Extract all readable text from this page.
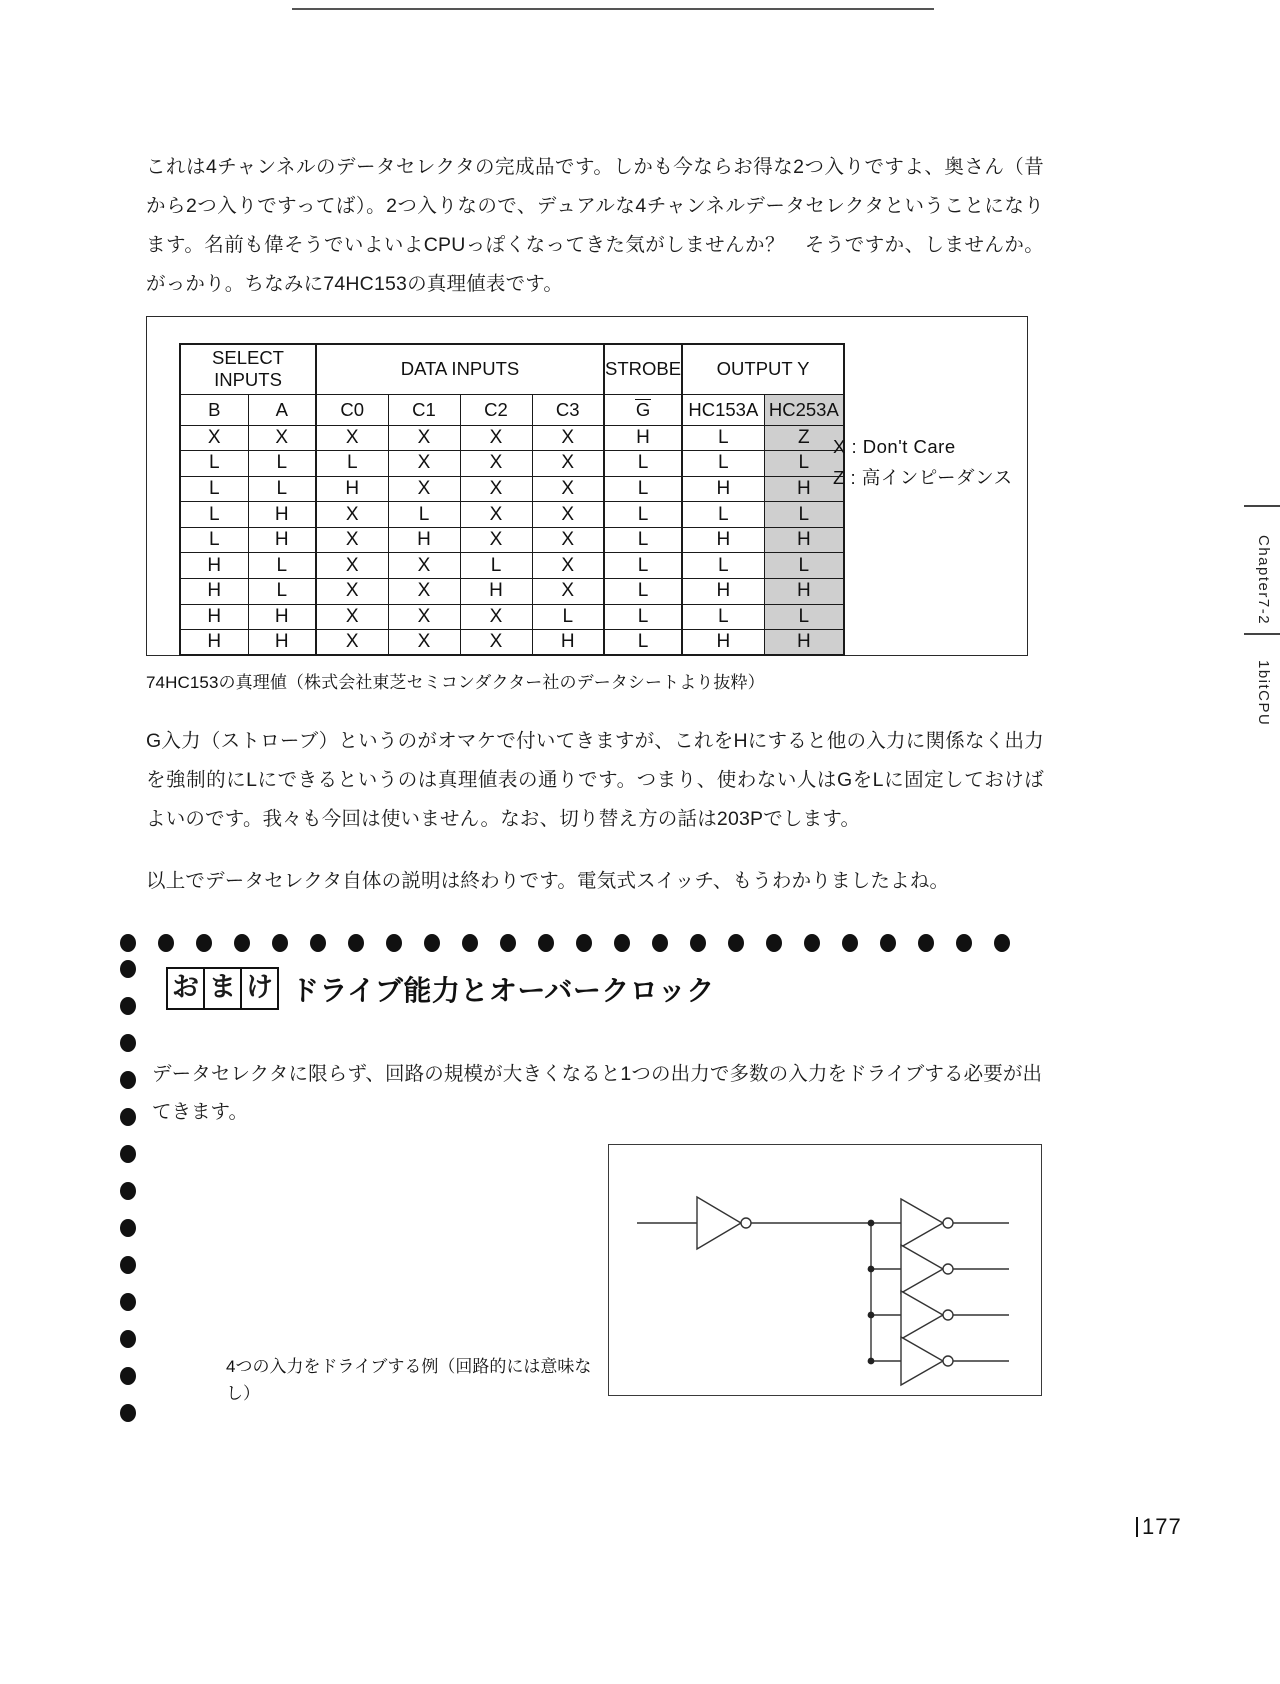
これは4チャンネルのデータセレクタの完成品です。しかも今ならお得な2つ入りですよ、奥さん（昔から2つ入りですってば）。2つ入りなので、デュアルな4チャンネルデータセレクタということになります。名前も偉そうでいよいよCPUっぽくなってきた気がしませんか？　そうですか、しませんか。がっかり。ちなみに74HC153の真理値表です。

SELECT
INPUTS		DATA INPUTS				STROBE	OUTPUT Y	
B	A	C0	C1	C2	C3	G	HC153A	HC253A
X	X	X	X	X	X	H	L	Z
L	L	L	X	X	X	L	L	L
L	L	H	X	X	X	L	H	H
L	H	X	L	X	X	L	L	L
L	H	X	H	X	X	L	H	H
H	L	X	X	L	X	L	L	L
H	L	X	X	H	X	L	H	H
H	H	X	X	X	L	L	L	L
H	H	X	X	X	H	L	H	H
X : Don't Care
Z : 高インピーダンス
74HC153の真理値（株式会社東芝セミコンダクター社のデータシートより抜粋）

G入力（ストローブ）というのがオマケで付いてきますが、これをHにすると他の入力に関係なく出力を強制的にLにできるというのは真理値表の通りです。つまり、使わない人はGをLに固定しておけばよいのです。我々も今回は使いません。なお、切り替え方の話は203Pでします。

以上でデータセレクタ自体の説明は終わりです。電気式スイッチ、もうわかりましたよね。

お ま け ドライブ能力とオーバークロック

データセレクタに限らず、回路の規模が大きくなると1つの出力で多数の入力をドライブする必要が出てきます。

4つの入力をドライブする例（回路的には意味なし）
Chapter7-2
1bitCPU
177
